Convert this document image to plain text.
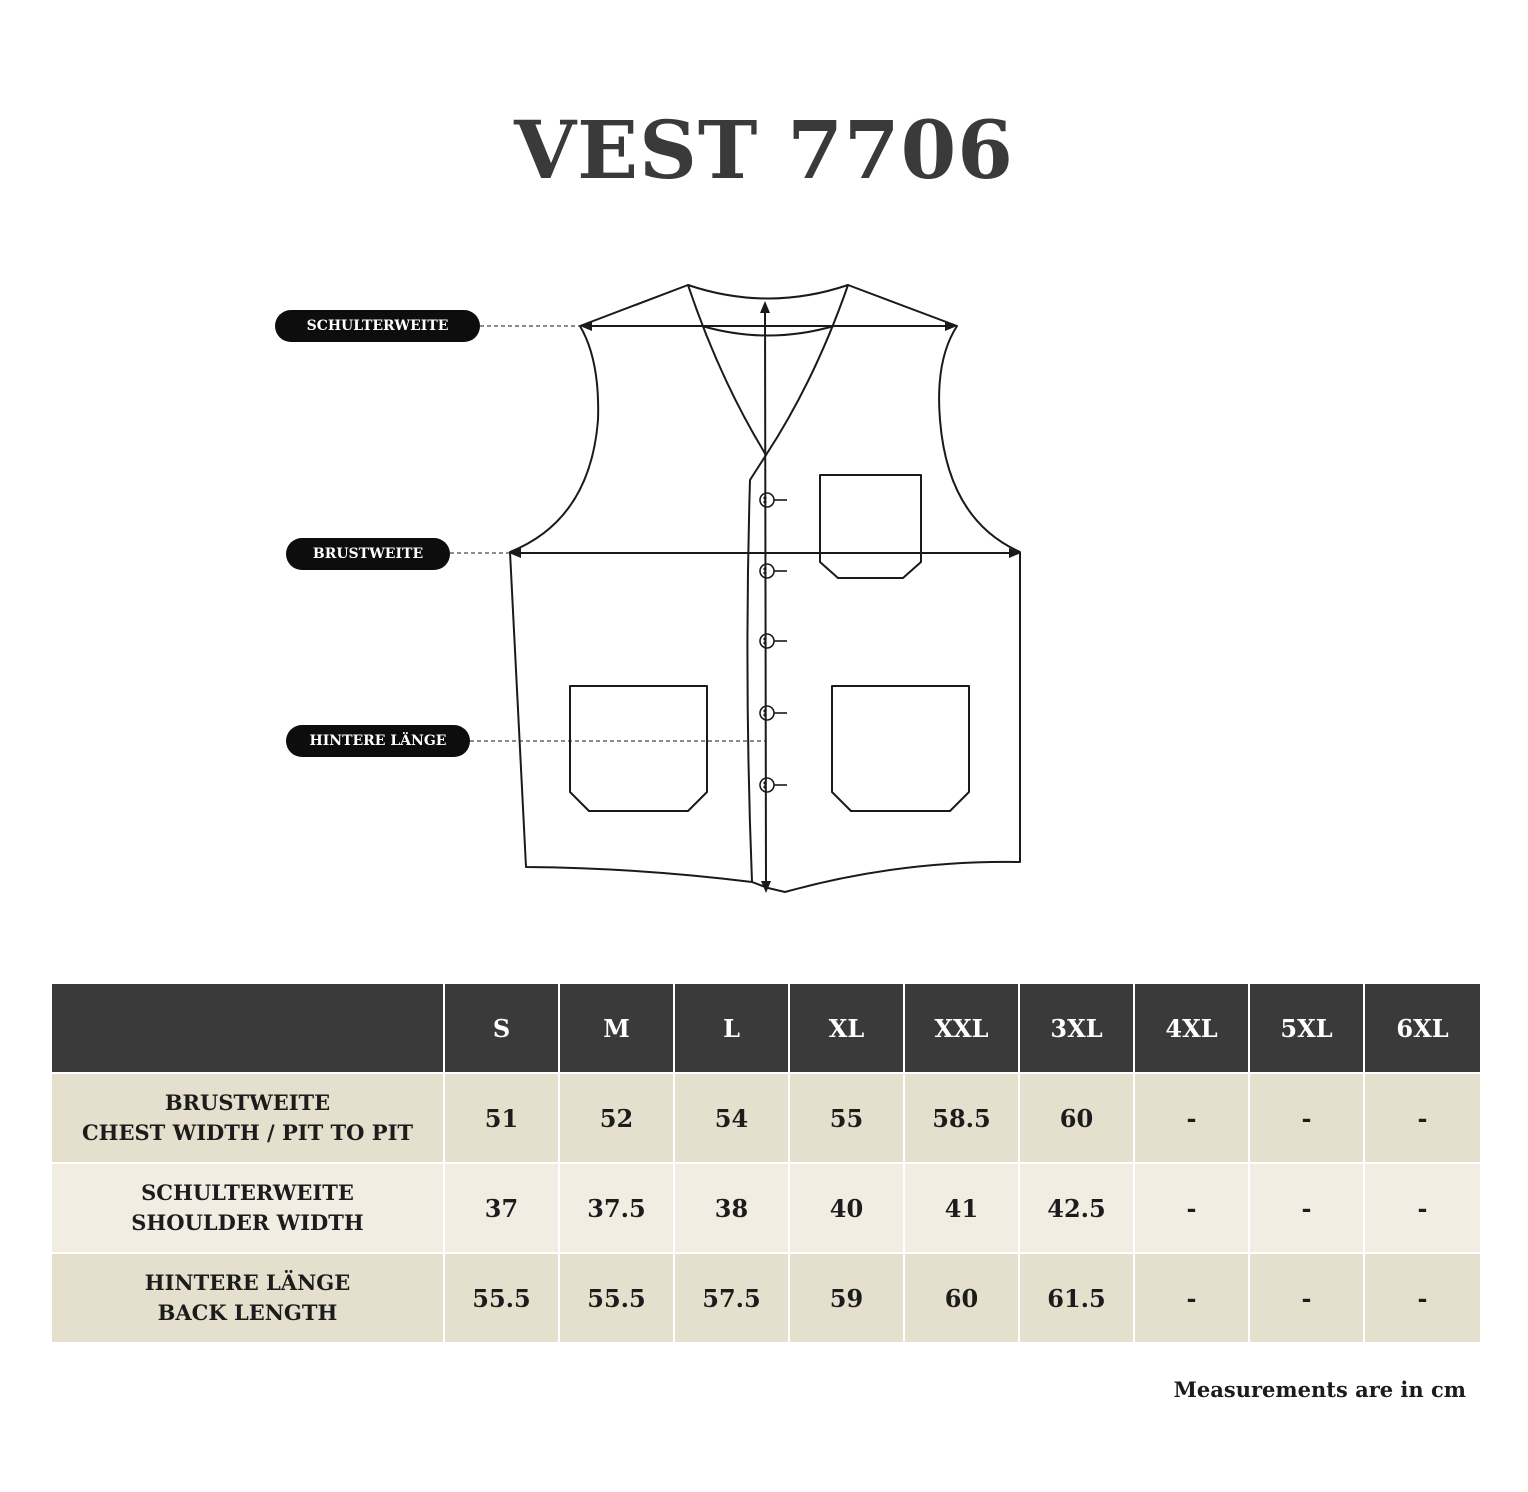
VEST 7706
SCHULTERWEITE
BRUSTWEITE
HINTERE LÄNGE
	S	M	L	XL	XXL	3XL	4XL	5XL	6XL

BRUSTWEITE
CHEST WIDTH / PIT TO PIT	51	52	54	55	58.5	60	-	-	-

SCHULTERWEITE
SHOULDER WIDTH	37	37.5	38	40	41	42.5	-	-	-

HINTERE LÄNGE
BACK LENGTH	55.5	55.5	57.5	59	60	61.5	-	-	-
Measurements are in cm
